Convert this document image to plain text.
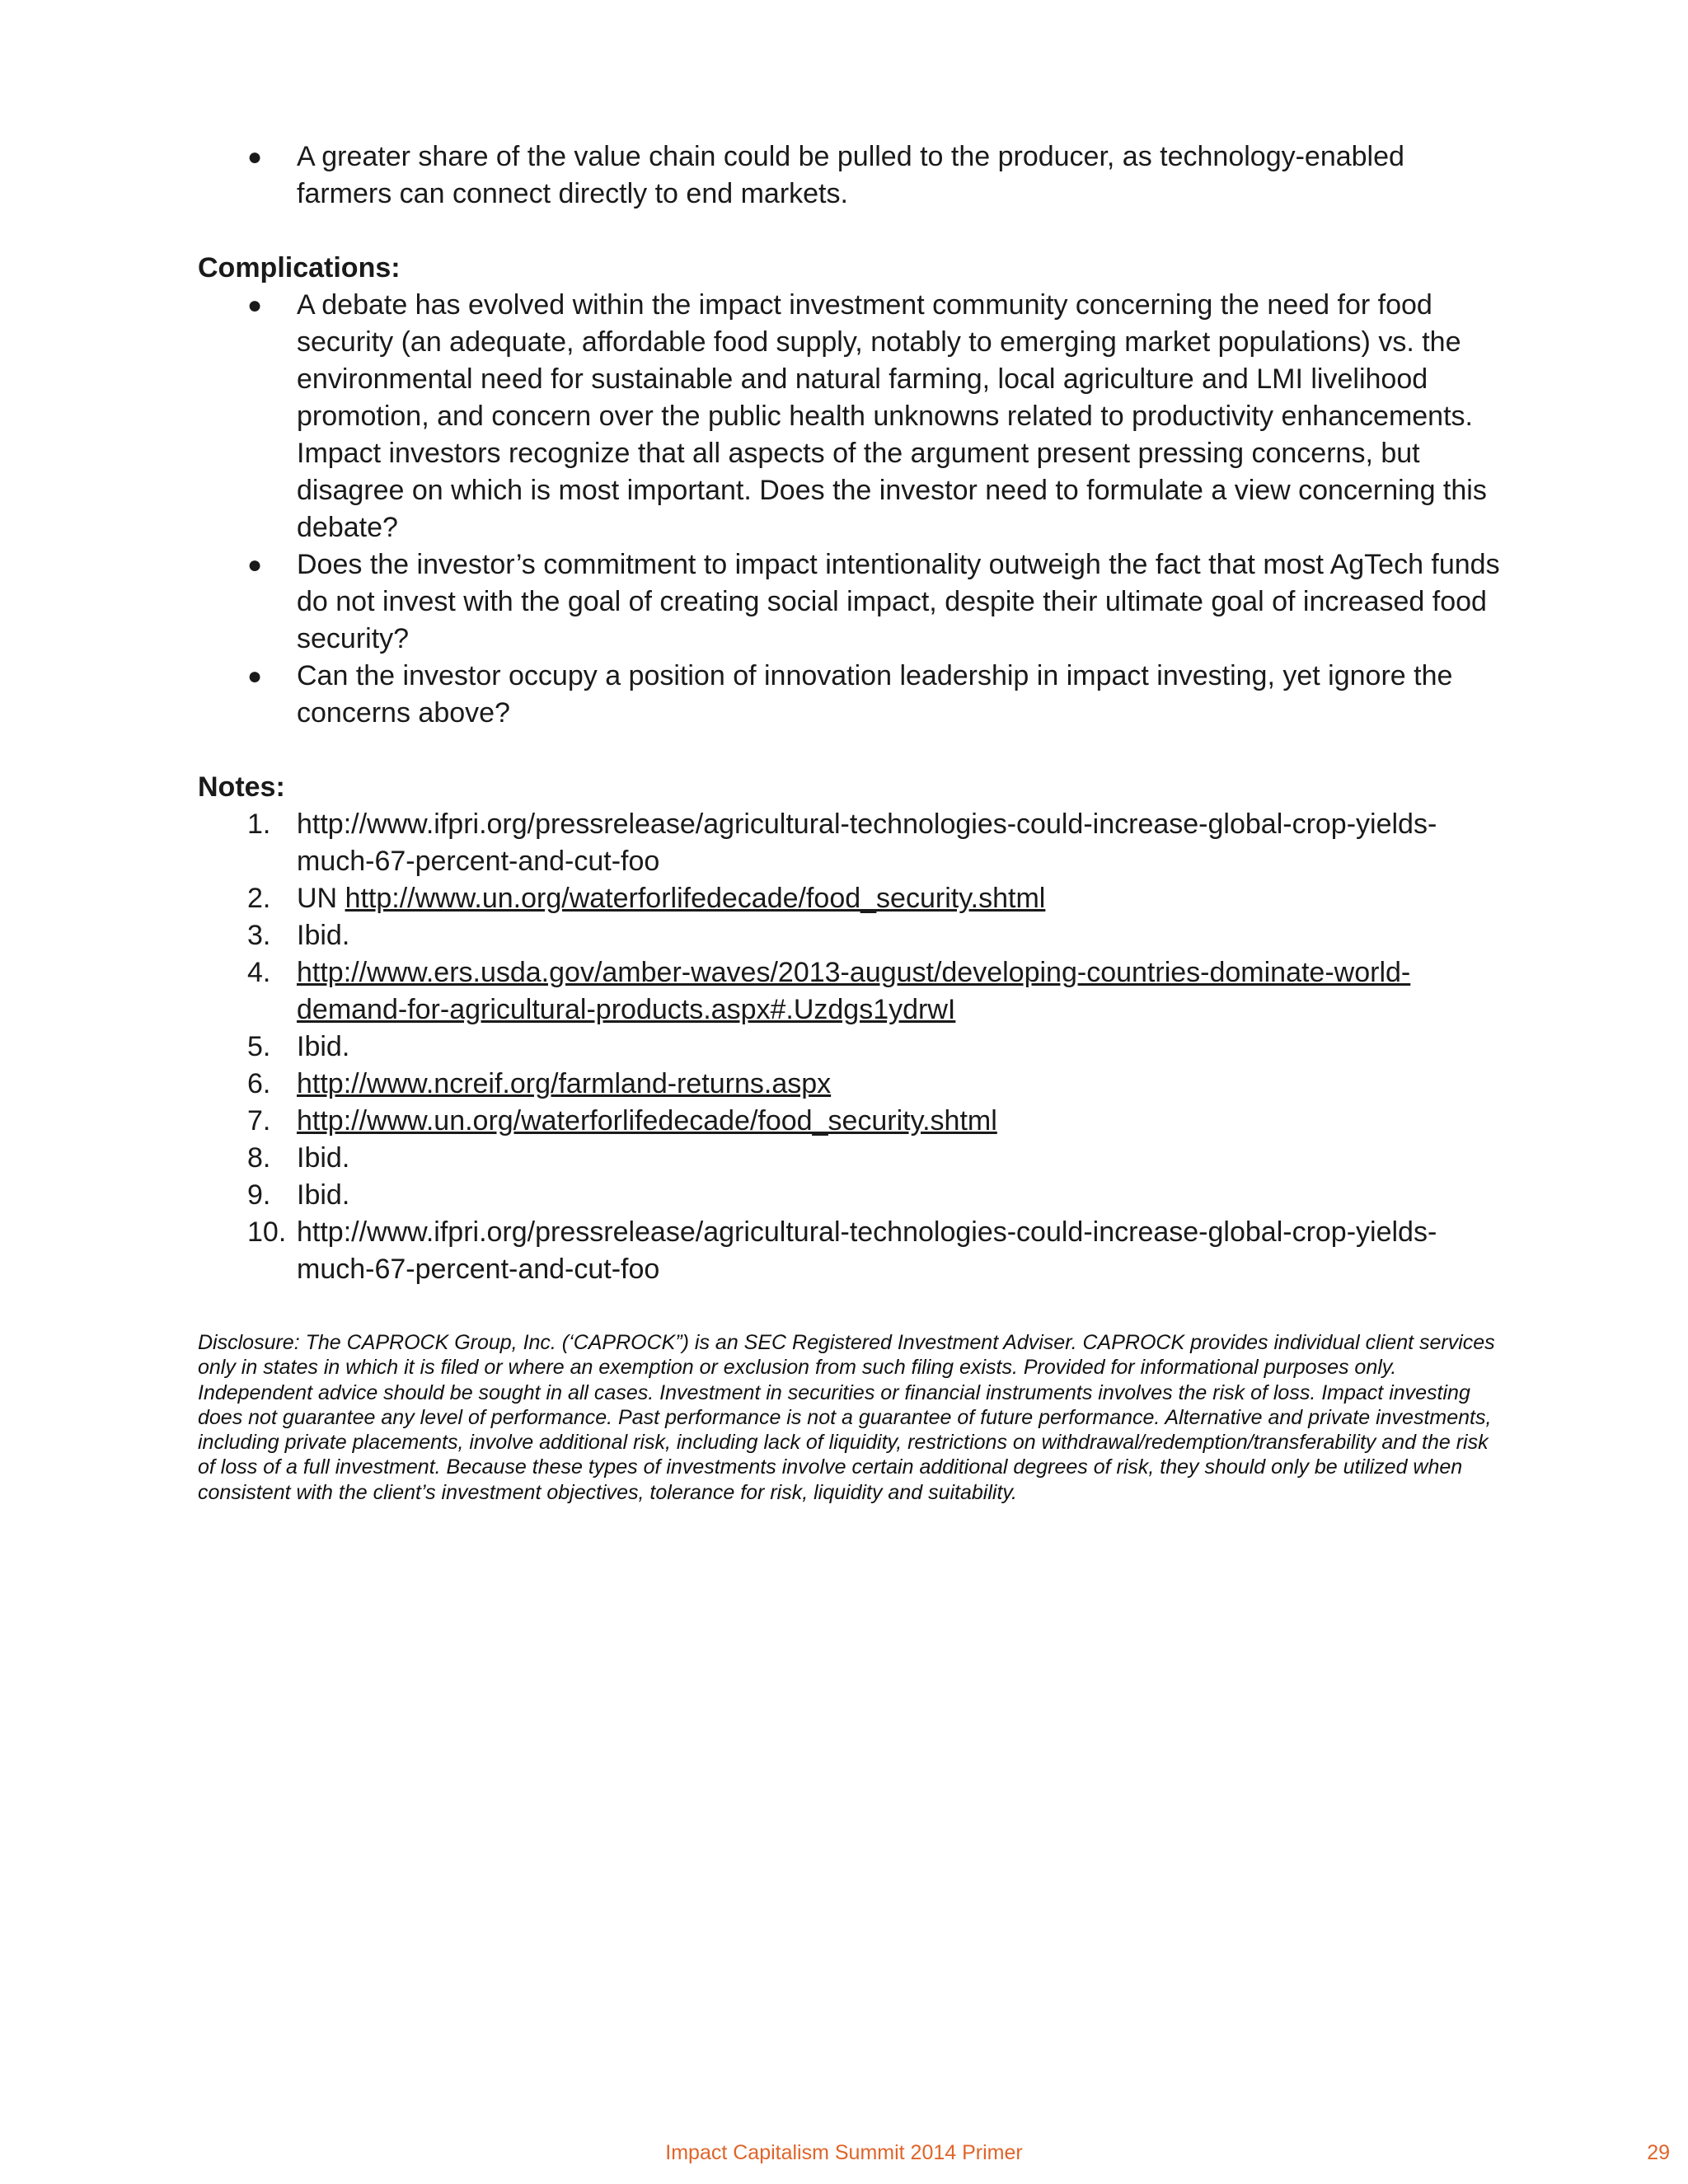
●	A greater share of the value chain could be pulled to the producer, as technology-enabled farmers can connect directly to end markets.

Complications:

●	A debate has evolved within the impact investment community concerning the need for food security (an adequate, affordable food supply, notably to emerging market populations) vs. the environmental need for sustainable and natural farming, local agriculture and LMI livelihood promotion, and concern over the public health unknowns related to productivity enhancements. Impact investors recognize that all aspects of the argument present pressing concerns, but disagree on which is most important. Does the investor need to formulate a view concerning this debate?
●	Does the investor’s commitment to impact intentionality outweigh the fact that most AgTech funds do not invest with the goal of creating social impact, despite their ultimate goal of increased food security?
●	Can the investor occupy a position of innovation leadership in impact investing, yet ignore the concerns above?

Notes:

1. http://www.ifpri.org/pressrelease/agricultural-technologies-could-increase-global-crop-yields-much-67-percent-and-cut-foo
2. UN http://www.un.org/waterforlifedecade/food_security.shtml
3. Ibid.
4. http://www.ers.usda.gov/amber-waves/2013-august/developing-countries-dominate-world-demand-for-agricultural-products.aspx#.Uzdgs1ydrwI
5. Ibid.
6. http://www.ncreif.org/farmland-returns.aspx
7. http://www.un.org/waterforlifedecade/food_security.shtml
8. Ibid.
9. Ibid.
10. http://www.ifpri.org/pressrelease/agricultural-technologies-could-increase-global-crop-yields-much-67-percent-and-cut-foo
Disclosure: The CAPROCK Group, Inc. (‘CAPROCK”) is an SEC Registered Investment Adviser. CAPROCK provides individual client services only in states in which it is filed or where an exemption or exclusion from such filing exists. Provided for informational purposes only. Independent advice should be sought in all cases. Investment in securities or financial instruments involves the risk of loss. Impact investing does not guarantee any level of performance. Past performance is not a guarantee of future performance. Alternative and private investments, including private placements, involve additional risk, including lack of liquidity, restrictions on withdrawal/redemption/transferability and the risk of loss of a full investment. Because these types of investments involve certain additional degrees of risk, they should only be utilized when consistent with the client’s investment objectives, tolerance for risk, liquidity and suitability.
Impact Capitalism Summit 2014 Primer	29
